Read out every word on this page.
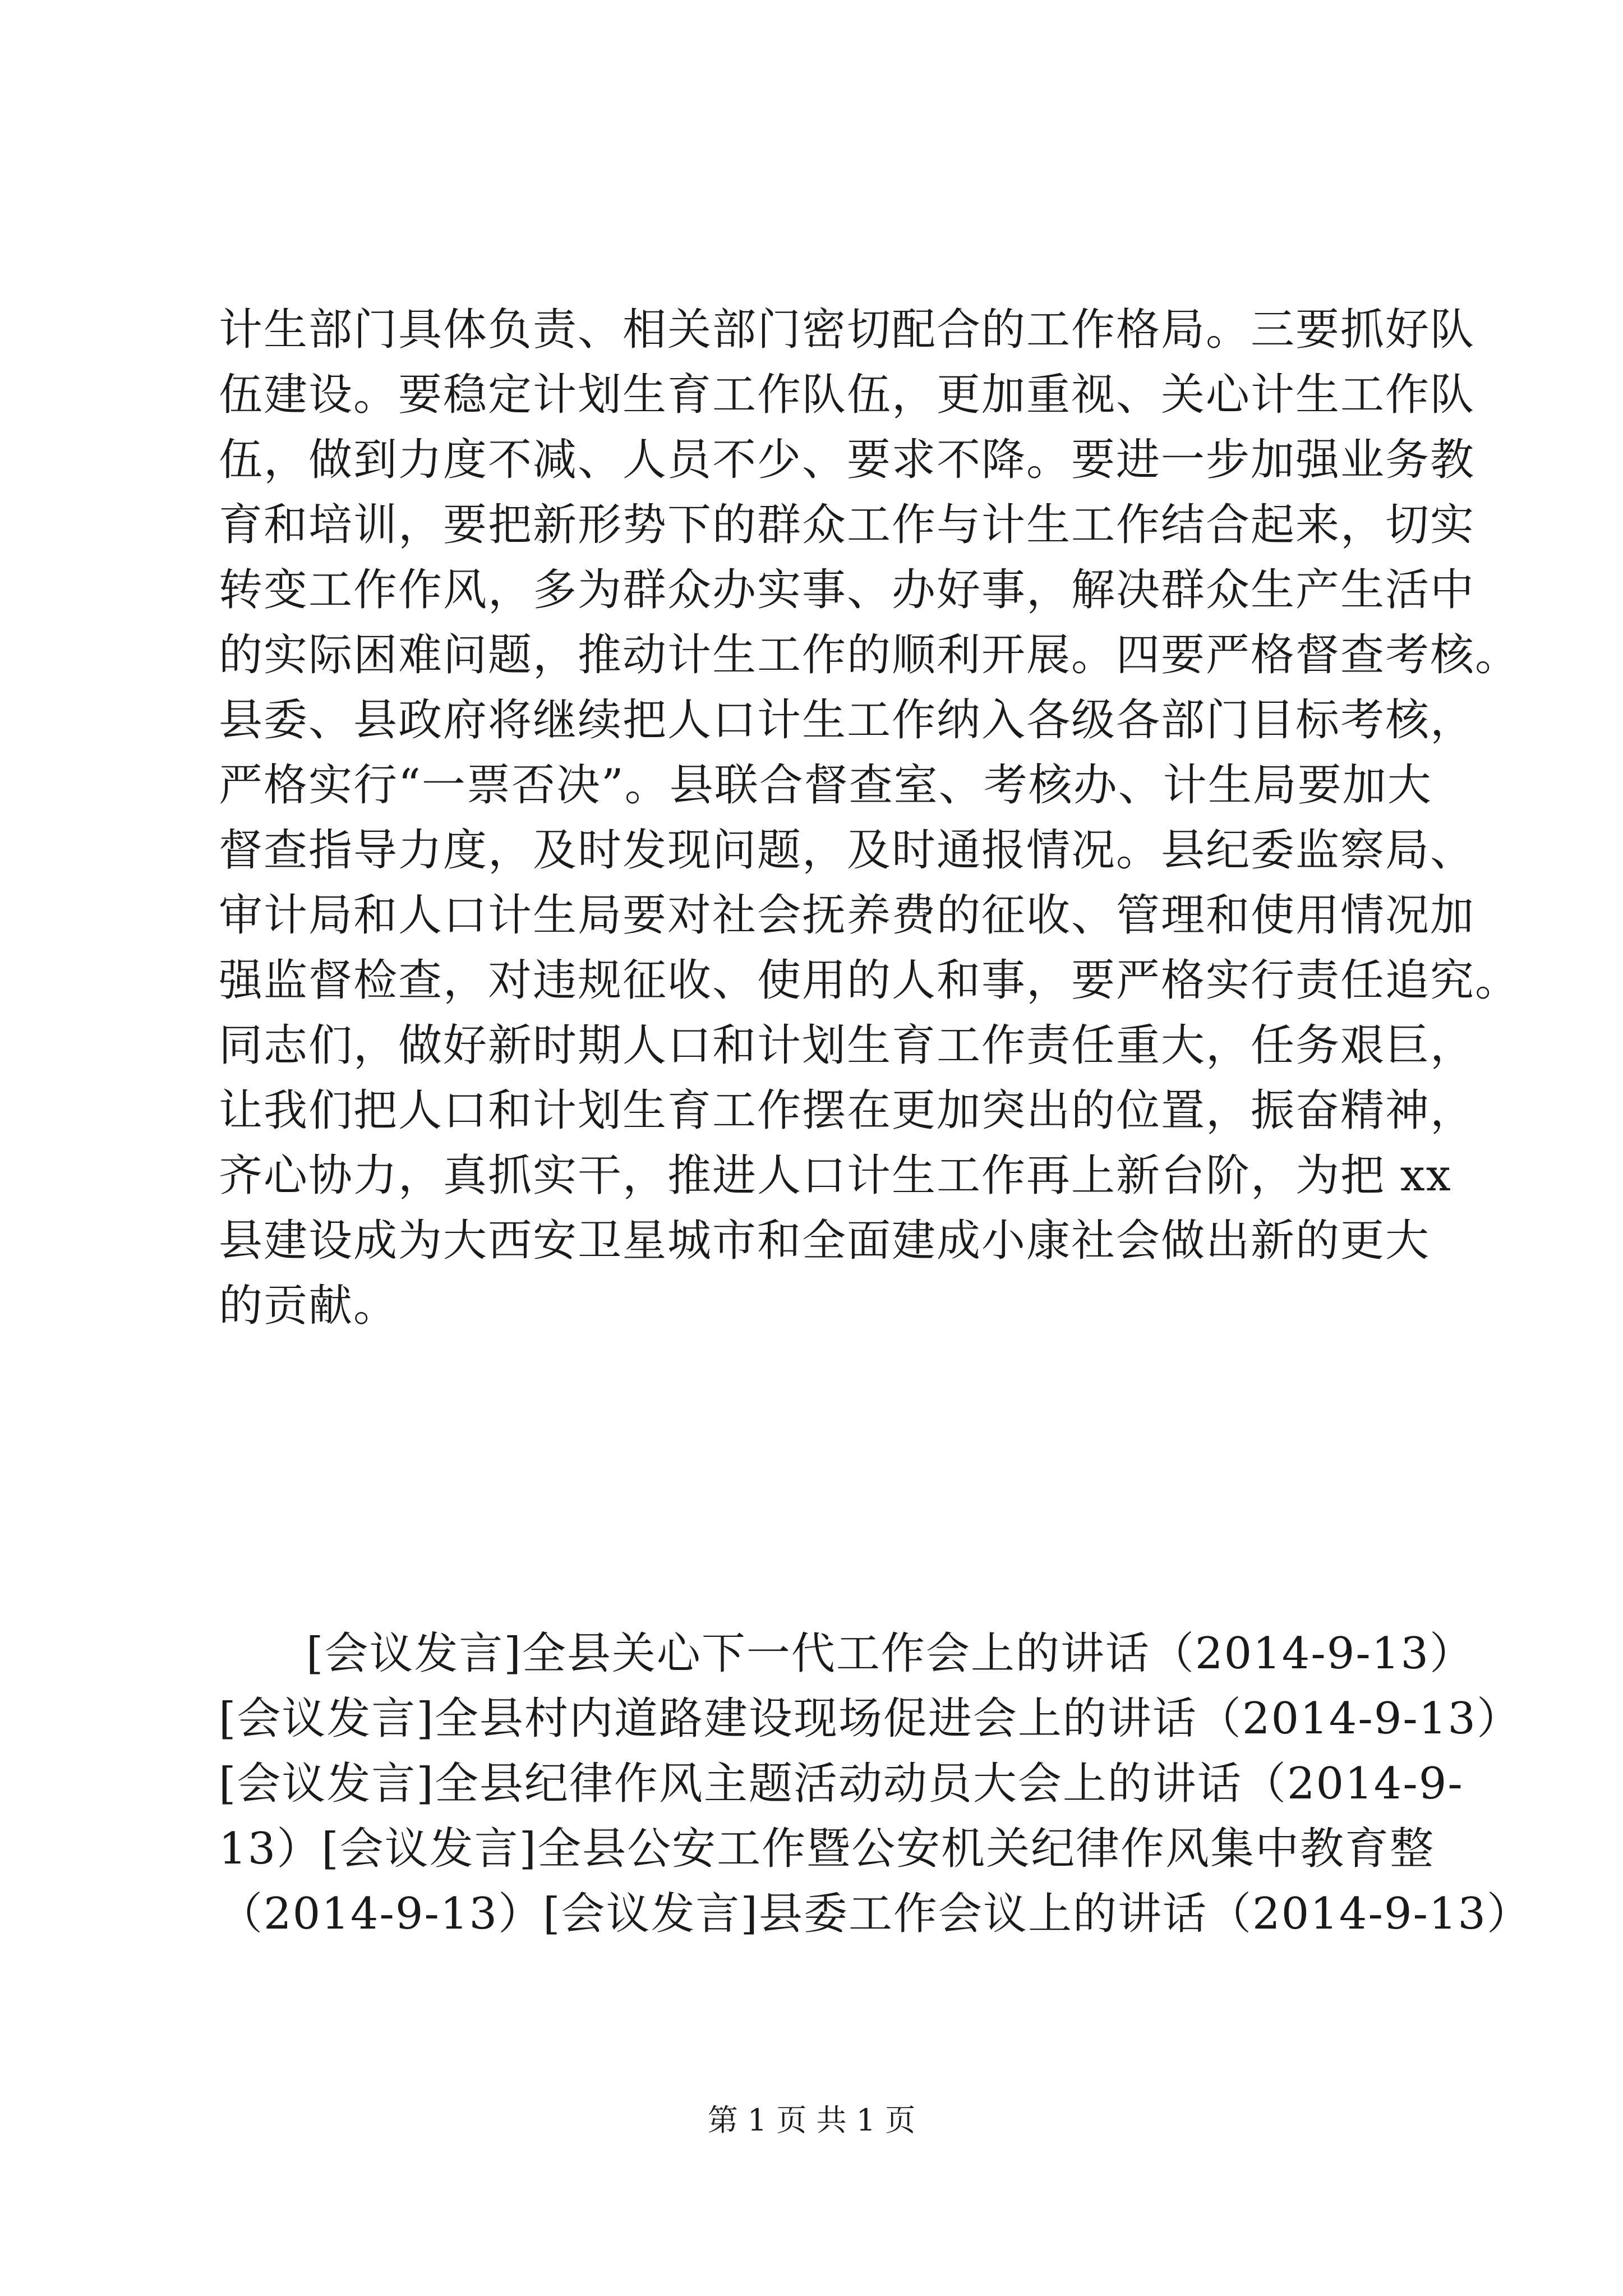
计生部门具体负责、相关部门密切配合的工作格局。三要抓好队
伍建设。要稳定计划生育工作队伍，更加重视、关心计生工作队
伍，做到力度不减、人员不少、要求不降。要进一步加强业务教
育和培训，要把新形势下的群众工作与计生工作结合起来，切实
转变工作作风，多为群众办实事、办好事，解决群众生产生活中
的实际困难问题，推动计生工作的顺利开展。四要严格督查考核。
县委、县政府将继续把人口计生工作纳入各级各部门目标考核，
严格实行“一票否决”。县联合督查室、考核办、计生局要加大
督查指导力度，及时发现问题，及时通报情况。县纪委监察局、
审计局和人口计生局要对社会抚养费的征收、管理和使用情况加
强监督检查，对违规征收、使用的人和事，要严格实行责任追究。
同志们，做好新时期人口和计划生育工作责任重大，任务艰巨，
让我们把人口和计划生育工作摆在更加突出的位置，振奋精神，
齐心协力，真抓实干，推进人口计生工作再上新台阶，为把 xx
县建设成为大西安卫星城市和全面建成小康社会做出新的更大
的贡献。
[会议发言]全县关心下一代工作会上的讲话（2014-9-13）
[会议发言]全县村内道路建设现场促进会上的讲话（2014-9-13）
[会议发言]全县纪律作风主题活动动员大会上的讲话（2014-9-
13）[会议发言]全县公安工作暨公安机关纪律作风集中教育整
（2014-9-13）[会议发言]县委工作会议上的讲话（2014-9-13）
第 1 页 共 1 页
